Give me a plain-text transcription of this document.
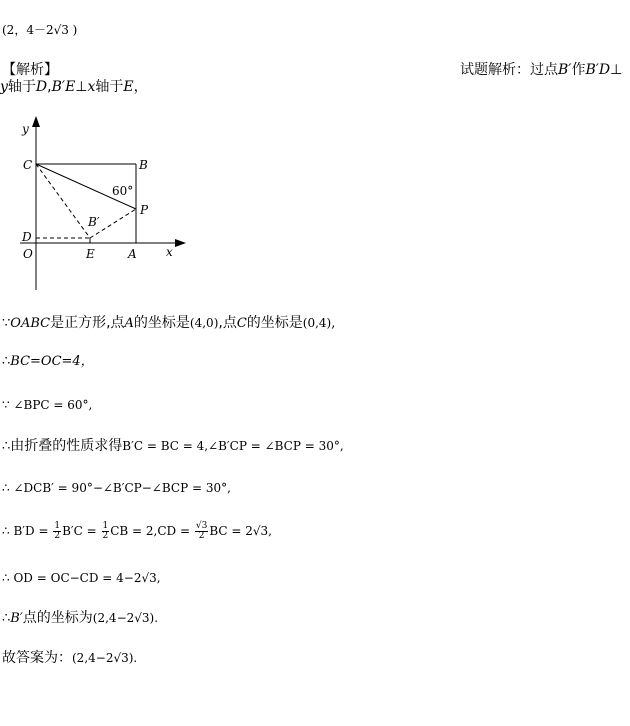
(2，4－2√3 )
【解析】	试题解析：过点B′作B′D⊥
y轴于D,B′E⊥x轴于E，
y
x
C	B
P
B′
D
O	E	A
60°
∵OABC是正方形,点A的坐标是(4,0),点C的坐标是(0,4),
∴BC=OC=4，
∵ ∠BPC = 60°,
∴由折叠的性质求得B′C = BC = 4,∠B′CP = ∠BCP = 30°,
∴ ∠DCB′ = 90°−∠B′CP−∠BCP = 30°,
∴ $B'D = \frac{1}{2} B'C = \frac{1}{2}$ CB = $2,CD = \frac{√3}{2}$ BC = 2√3,
∴ OD = OC−CD = 4−2√3,
∴B′点的坐标为(2,4−2√3).
故答案为：(2,4−2√3).
